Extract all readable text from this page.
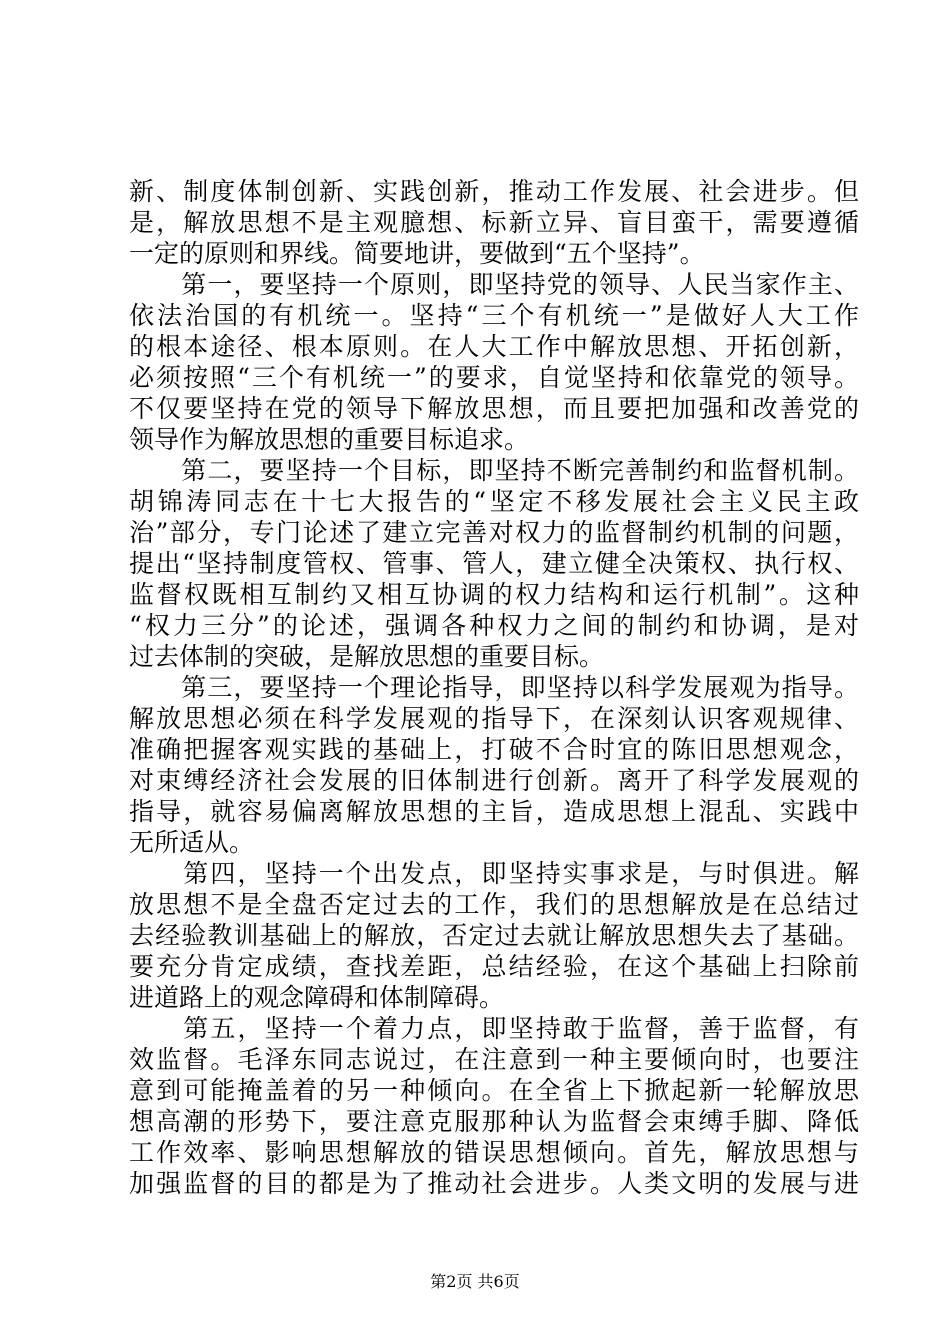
新、制度体制创新、实践创新，推动工作发展、社会进步。但
是，解放思想不是主观臆想、标新立异、盲目蛮干，需要遵循
一定的原则和界线。简要地讲，要做到“五个坚持”。
　　第一，要坚持一个原则，即坚持党的领导、人民当家作主、
依法治国的有机统一。坚持“三个有机统一”是做好人大工作
的根本途径、根本原则。在人大工作中解放思想、开拓创新，
必须按照“三个有机统一”的要求，自觉坚持和依靠党的领导。
不仅要坚持在党的领导下解放思想，而且要把加强和改善党的
领导作为解放思想的重要目标追求。
　　第二，要坚持一个目标，即坚持不断完善制约和监督机制。
胡锦涛同志在十七大报告的“坚定不移发展社会主义民主政
治”部分，专门论述了建立完善对权力的监督制约机制的问题，
提出“坚持制度管权、管事、管人，建立健全决策权、执行权、
监督权既相互制约又相互协调的权力结构和运行机制”。这种
“权力三分”的论述，强调各种权力之间的制约和协调，是对
过去体制的突破，是解放思想的重要目标。
　　第三，要坚持一个理论指导，即坚持以科学发展观为指导。
解放思想必须在科学发展观的指导下，在深刻认识客观规律、
准确把握客观实践的基础上，打破不合时宜的陈旧思想观念，
对束缚经济社会发展的旧体制进行创新。离开了科学发展观的
指导，就容易偏离解放思想的主旨，造成思想上混乱、实践中
无所适从。
　　第四，坚持一个出发点，即坚持实事求是，与时俱进。解
放思想不是全盘否定过去的工作，我们的思想解放是在总结过
去经验教训基础上的解放，否定过去就让解放思想失去了基础。
要充分肯定成绩，查找差距，总结经验，在这个基础上扫除前
进道路上的观念障碍和体制障碍。
　　第五，坚持一个着力点，即坚持敢于监督，善于监督，有
效监督。毛泽东同志说过，在注意到一种主要倾向时，也要注
意到可能掩盖着的另一种倾向。在全省上下掀起新一轮解放思
想高潮的形势下，要注意克服那种认为监督会束缚手脚、降低
工作效率、影响思想解放的错误思想倾向。首先，解放思想与
加强监督的目的都是为了推动社会进步。人类文明的发展与进
第2页 共6页
